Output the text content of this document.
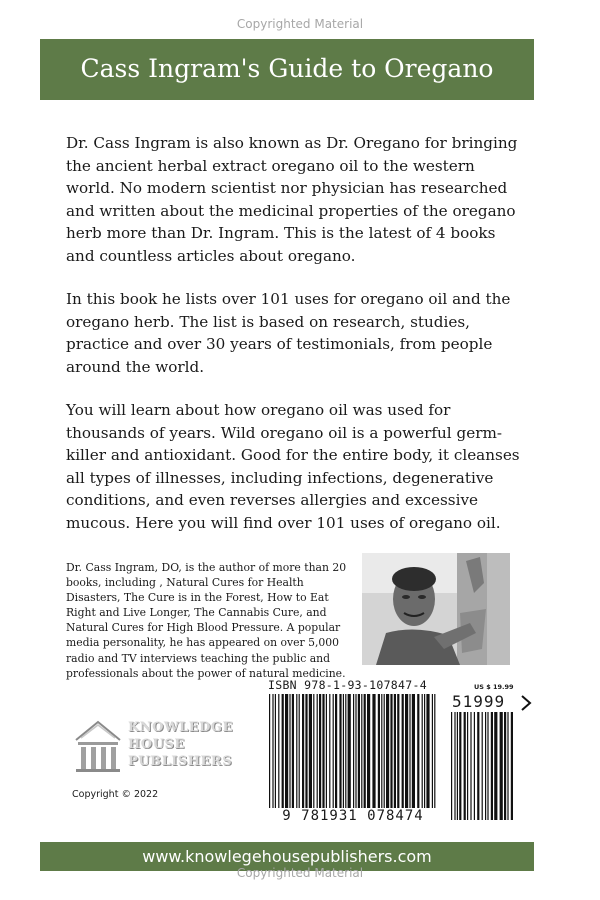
Copyrighted Material
Cass Ingram's Guide to Oregano

Dr. Cass Ingram is also known as Dr. Oregano for bringing the ancient herbal extract oregano oil to the western world. No modern scientist nor physician has researched and written about the medicinal properties of the oregano herb more than Dr. Ingram. This is the latest of 4 books and countless articles about oregano.

In this book he lists over 101 uses for oregano oil and the oregano herb. The list is based on research, studies, practice and over 30 years of testimonials, from people around the world.

You will learn about how oregano oil was used for thousands of years. Wild oregano oil is a powerful germ-killer and antioxidant. Good for the entire body, it cleanses all types of illnesses, including infections, degenerative conditions, and even reverses allergies and excessive mucous. Here you will find over 101 uses of oregano oil.

Dr. Cass Ingram, DO, is the author of more than 20 books, including , Natural Cures for Health Disasters, The Cure is in the Forest, How to Eat Right and Live Longer, The Cannabis Cure, and Natural Cures for High Blood Pressure. A popular media personality, he has appeared on over 5,000 radio and TV interviews teaching the public and professionals about the power of natural medicine.

KNOWLEDGE
HOUSE
PUBLISHERS
Copyright © 2022
ISBN 978-1-93-107847-4
9 781931 078474
US $ 19.99
51999
www.knowlegehousepublishers.com
Copyrighted Material
